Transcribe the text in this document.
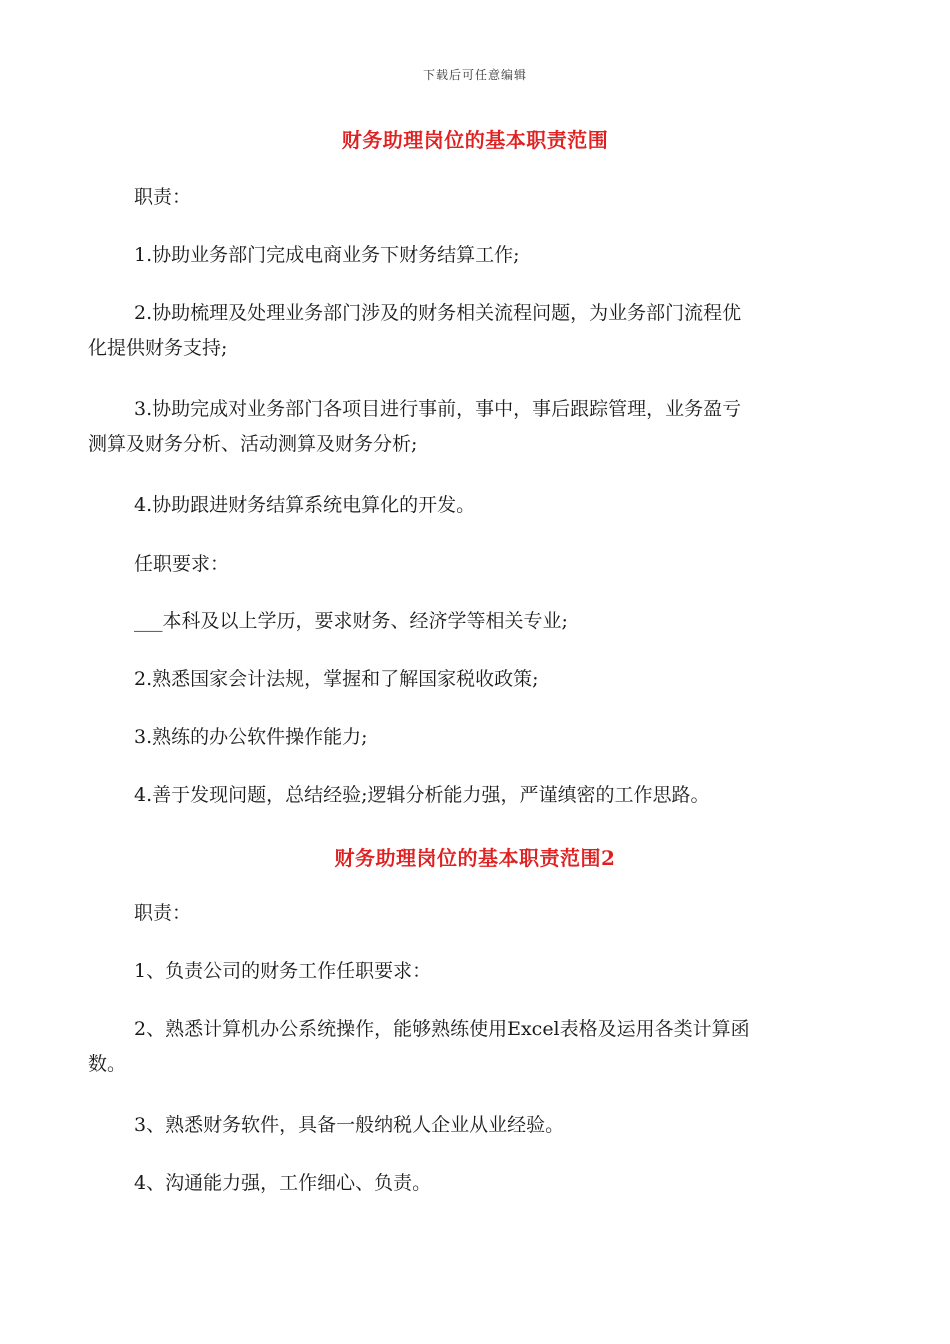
下载后可任意编辑
财务助理岗位的基本职责范围
职责：
1.协助业务部门完成电商业务下财务结算工作;
2.协助梳理及处理业务部门涉及的财务相关流程问题，为业务部门流程优
化提供财务支持;
3.协助完成对业务部门各项目进行事前，事中，事后跟踪管理，业务盈亏
测算及财务分析、活动测算及财务分析;
4.协助跟进财务结算系统电算化的开发。
任职要求：
___本科及以上学历，要求财务、经济学等相关专业;
2.熟悉国家会计法规，掌握和了解国家税收政策;
3.熟练的办公软件操作能力;
4.善于发现问题，总结经验;逻辑分析能力强，严谨缜密的工作思路。
财务助理岗位的基本职责范围2
职责：
1、负责公司的财务工作任职要求：
2、熟悉计算机办公系统操作，能够熟练使用Excel表格及运用各类计算函
数。
3、熟悉财务软件，具备一般纳税人企业从业经验。
4、沟通能力强，工作细心、负责。
